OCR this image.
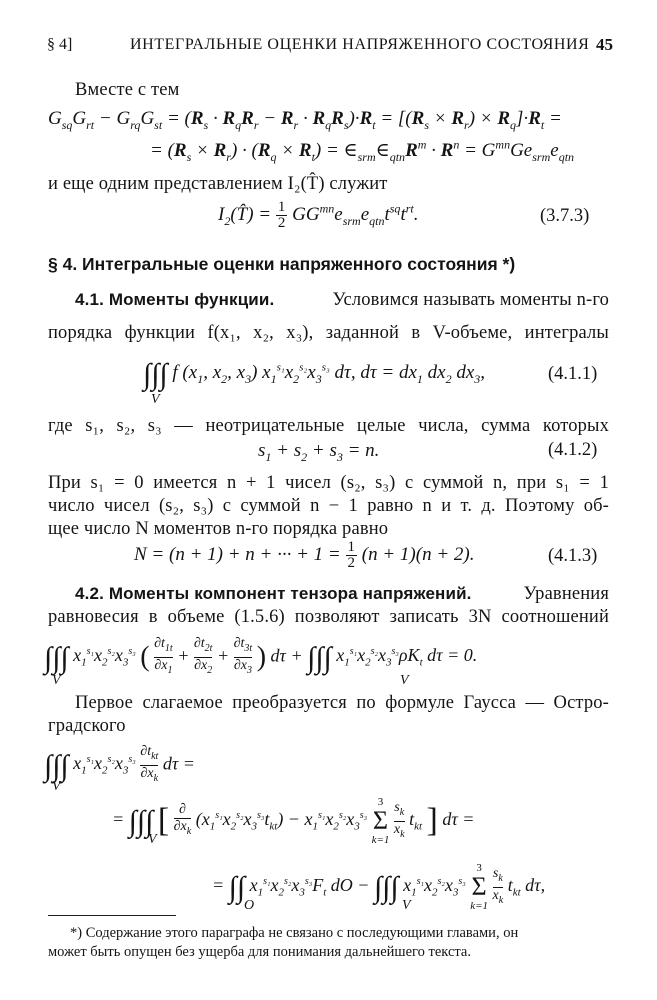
§ 4]	ИНТЕГРАЛЬНЫЕ ОЦЕНКИ НАПРЯЖЕННОГО СОСТОЯНИЯ 45
Вместе с тем
$G_{sq}G_{rt} - G_{rq}G_{st} = (R_s \cdot R_qR_r - R_r \cdot R_qR_s)\cdot R_t = [(R_s \times R_r) \times R_q]\cdot R_t$ =
= $(R_s \times R_r) \cdot (R_q \times R_t)$ = $\in_{srm}\in_{qtn}R^m \cdot R^n = G^{mn}Ge_{srm}e_{qtn}$
и еще одним представлением I₂(T̂) служит
$I_2(T̂) = \frac{1}{2} GG^{mn}e_{srm}e_{qtn}t^{sq}t^{rt}$.	(3.7.3)
§ 4. Интегральные оценки напряженного состояния *)
4.1. Моменты функции.	Условимся называть моменты n-го
порядка функции f(x₁, x₂, x₃), заданной в V-объеме, интегралы
∫∫∫ f ($x_1$, $x_2$, $x_3$) $x_1^{s_1}x_2^{s_2}x_3^{s_3}$ dτ, $d\tau = dx_1$ $dx_2$ $dx_3$,
V
(4.1.1)
где s₁, s₂, s₃ — неотрицательные целые числа, сумма которых
$s_1 + s_2 + s_3 = n$.	(4.1.2)
При s₁ = 0 имеется n + 1 чисел (s₂, s₃) с суммой n, при s₁ = 1
число чисел (s₂, s₃) с суммой n − 1 равно n и т. д. Поэтому об-
щее число N моментов n-го порядка равно
N = (n + 1) + n + ··· + $1 = \frac{1}{2} (n + 1)(n + 2)$.	(4.1.3)
4.2. Моменты компонент тензора напряжений.	Уравнения
равновесия в объеме (1.5.6) позволяют записать 3N соотношений
∫∫∫ $x_1^{s_1}x_2^{s_2}x_3^{s_3}$ ( $\frac{\partial t_{1t}}{\partial x_1} + \frac{\partial t_{2t}}{\partial x_2} + \frac{\partial t_{3t}}{\partial x_3}$ ) dτ + ∫∫∫ $x_1^{s_1}x_2^{s_2}x_3^{s_3}\rho K_t$ dτ = 0.
V	V
Первое слагаемое преобразуется по формуле Гаусса — Остро-
градского
∫∫∫ $x_1^{s_1}x_2^{s_2}x_3^{s_3}$
$\partial t_{kt}$
$\partial x_k$
dτ =
V
= ∫∫∫ [ ∂
$\partial x_k$
$(x_1^{s_1}x_2^{s_2}x_3^{s_3}t_{kt}) - x_1^{s_1}x_2^{s_2}x_3^{s_3}$
3
Σ
k=1
$\frac{s_k}{x_k} t_{kt}$ ] dτ =
V
= ∫∫ $x_1^{s_1}x_2^{s_2}x_3^{s_3}F_t$ dO − ∫∫∫ $x_1^{s_1}x_2^{s_2}x_3^{s_3}$
3
Σ
k=1
$\frac{s_k}{x_k} t_{kt}$ dτ,
O	V
*) Содержание этого параграфа не связано с последующими главами, он
может быть опущен без ущерба для понимания дальнейшего текста.
